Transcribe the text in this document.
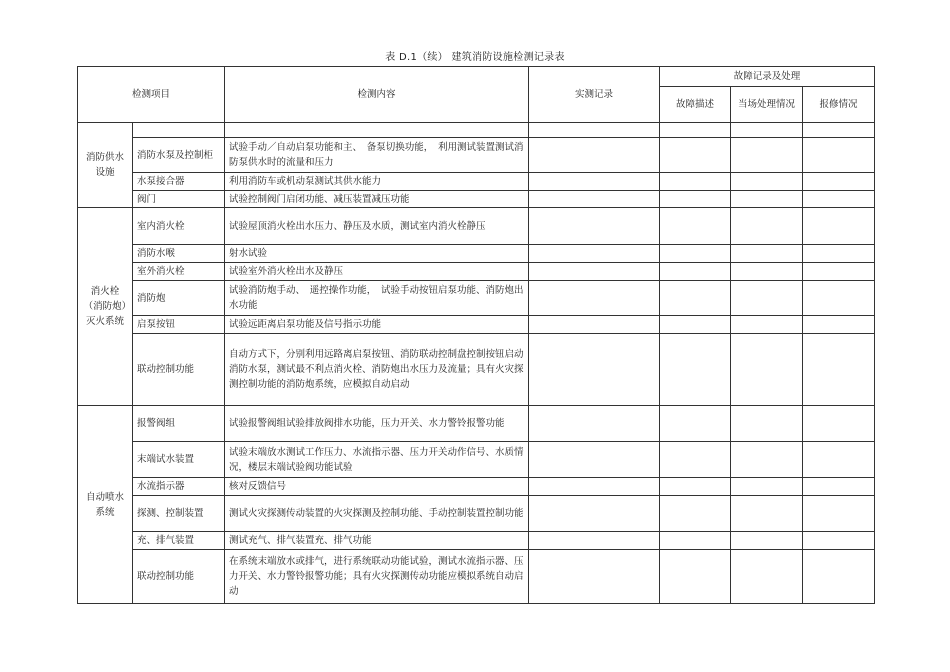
表 D.1（续） 建筑消防设施检测记录表
检测项目		检测内容	实测记录	故障记录及处理		
				故障描述	当场处理情况	报修情况
消防供水设施						
	消防水泵及控制柜	试验手动／自动启泵功能和主、　备泵切换功能，　利用测试装置测试消防泵供水时的流量和压力				
	水泵接合器	利用消防车或机动泵测试其供水能力				
	阀门	试验控制阀门启闭功能、减压装置减压功能				
消火栓（消防炮）灭火系统	室内消火栓	试验屋顶消火栓出水压力、静压及水质，测试室内消火栓静压				
	消防水喉	射水试验				
	室外消火栓	试验室外消火栓出水及静压				
	消防炮	试验消防炮手动、　遥控操作功能，　试验手动按钮启泵功能、消防炮出水功能				
	启泵按钮	试验远距离启泵功能及信号指示功能				
	联动控制功能	自动方式下，分别利用远路离启泵按钮、消防联动控制盘控制按钮启动消防水泵，测试最不利点消火栓、消防炮出水压力及流量；具有火灾探测控制功能的消防炮系统，应模拟自动启动				
自动喷水系统	报警阀组	试验报警阀组试验排放阀排水功能，压力开关、水力警铃报警功能				
	末端试水装置	试验末端放水测试工作压力、水流指示器、压力开关动作信号、水质情况，楼层末端试验阀功能试验				
	水流指示器	核对反馈信号				
	探测、控制装置	测试火灾探测传动装置的火灾探测及控制功能、手动控制装置控制功能				
	充、排气装置	测试充气、排气装置充、排气功能				
	联动控制功能	在系统末端放水或排气，进行系统联动功能试验，测试水流指示器、压力开关、水力警铃报警功能；具有火灾探测传动功能应模拟系统自动启动				
